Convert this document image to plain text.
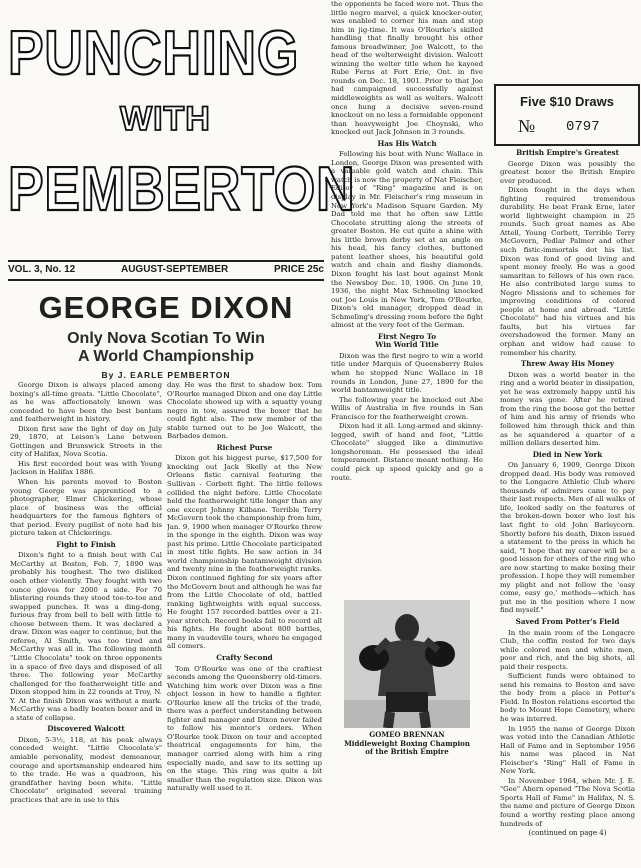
PUNCHING
WITH
PEMBERTON
VOL. 3, No. 12	AUGUST-SEPTEMBER	PRICE 25c
GEORGE DIXON
Only Nova Scotian To Win
A World Championship
By J. EARLE PEMBERTON

George Dixon is always placed among boxing's all-time greats. "Little Chocolate", as he was affectionately known was conceded to have been the best bantam and featherweight in history.

Dixon first saw the light of day on July 29, 1870, at Leison's Lane between Gottingen and Brunswick Streets in the city of Halifax, Nova Scotia.

His first recorded bout was with Young Jackson in Halifax 1886.

When his parents moved to Boston young George was apprenticed to a photographer, Elmer Chickering, whose place of business was the official headquarters for the famous fighters of that period. Every pugilist of note had his picture taken at Chickerings.

Fight to Finish

Dixon's fight to a finish bout with Cal McCarthy at Boston, Feb. 7, 1890 was probably his toughest. The two disliked each other violently. They fought with two ounce gloves for 2000 a side. For 70 blistering rounds they stood toe-to-toe and swapped punches. It was a ding-dong, furious fray from bell to bell with little to choose between them. It was declared a draw. Dixon was eager to continue, but the referee, Al Smith, was too tired and McCarthy was all in. The following month "Little Chocolate" took on three opponents in a space of five days and disposed of all three. The following year McCarthy challenged for the featherweight title and Dixon stopped him in 22 rounds at Troy, N. Y. At the finish Dixon was without a mark. McCarthy was a badly beaten boxer and in a state of collapse.

Discovered Walcott

Dixon, 5-3½, 118, at his peak always conceded weight. "Little Chocolate's" amiable personality, modest demeanour, courage and sportsmanship endeared him to the trade. He was a quadroon, his grandfather having been white. "Little Chocolate" originated several training practices that are in use to this

day. He was the first to shadow box. Tom O'Rourke managed Dixon and one day Little Chocolate showed up with a squatty young negro in tow, assured the boxer that he could fight also. The new member of the stable turned out to be Joe Walcott, the Barbados demon.

Richest Purse

Dixon got his biggest purse, $17,500 for knocking out Jack Skelly at the New Orleans fistic carnival featuring the Sullivan - Corbett fight. The little fellows collided the night before. Little Chocolate held the featherweight title longer than any one except Johnny Kilbane. Terrible Terry McGovern took the championship from him, Jan. 9, 1900 when manager O'Rourke threw in the sponge in the eighth. Dixon was way past his prime. Little Chocolate participated in most title fights. He saw action in 34 world championship bantamweight division and twenty nine in the featherweight ranks. Dixon continued fighting for six years after the McGovern bout and although he was far from the Little Chocolate of old, battled ranking lightweights with equal success. He fought 157 recorded battles over a 21-year stretch. Record books fail to record all his fights. He fought about 800 battles, many in vaudeville tours, where he engaged all comers.

Crafty Second

Tom O'Rourke was one of the craftiest seconds among the Queensberry old-timers. Watching him work over Dixon was a fine object lesson in how to handle a fighter. O'Rourke knew all the tricks of the trade, there was a perfect understanding between fighter and manager and Dixon never failed to follow his mentor's orders. When O'Rourke took Dixon on tour and accepted theatrical engagements for him, the manager carried along with him a ring especially made, and saw to its setting up on the stage. This ring was quite a bit smaller than the regulation size. Dixon was naturally well used to it.

the opponents he faced were not. Thus the little negro marvel, a quick knocker-outer, was enabled to corner his man and stop him in jig-time. It was O'Rourke's skilled handling that finally brought his other famous breadwinner, Joe Walcott, to the head of the welterweight division. Walcott winning the welter title when he kayoed Rube Ferns at Fort Erie, Ont. in five rounds on Dec. 18, 1901. Prior to that Joe had campaigned successfully against middleweights as well as welters. Walcott once hung a decisive seven-round knockout on no less a formidable opponent than heavyweight Joe Choynski, who knocked out Jack Johnson in 3 rounds.

Has His Watch

Following his bout with Nunc Wallace in London, George Dixon was presented with a valuable gold watch and chain. This watch is now the property of Nat Fleischer, Editor of "Ring" magazine and is on display in Mr. Fleischer's ring museum in New York's Madison Square Garden. My Dad told me that he often saw Little Chocolate strutting along the streets of greater Boston. He cut quite a shine with his little brown derby set at an angle on his head, his fancy clothes, buttoned patent leather shoes, his beautiful gold watch and chain and flashy diamonds. Dixon fought his last bout against Monk the Newsboy Dec. 10, 1906. On June 19, 1936, the night Max Schmeling knocked out Joe Louis in New York, Tom O'Rourke, Dixon's old manager, dropped dead in Schmeling's dressing room before the fight almost at the very feet of the German.

First Negro To
Win World Title

Dixon was the first negro to win a world title under Marquis of Queensberry Rules when he stopped Nunc Wallace in 18 rounds in London, June 27, 1890 for the world bantamweight title.

The following year he knocked out Abe Willis of Australia in five rounds in San Francisco for the featherweight crown.

Dixon had it all. Long-armed and skinny-legged, swift of hand and foot, "Little Chocolate" slugged like a diminutive longshoreman. He possessed the ideal temperament. Distance meant nothing. He could pick up speed quickly and go a route.

GOMEO BRENNAN
Middleweight Boxing Champion
of the British Empire
Five $10 Draws
№ 0797
British Empire's Greatest

George Dixon was possibly the greatest boxer the British Empire ever produced.

Dixon fought in the days when fighting required tremendous durability. He beat Frank Erne, later world lightweight champion in 25 rounds. Such great names as Abe Attell, Young Corbett, Terrible Terry McGovern, Pedlar Palmer and other such fistic-immortals dot his list. Dixon was fond of good living and spent money freely. He was a good samaritan to fellows of his own race. He also contributed large sums to Negro Missions and to schemes for improving conditions of colored people at home and abroad. "Little Chocolate" had his virtues and his faults, but his virtues far overshadowed the former. Many an orphan and widow had cause to remember his charity.

Threw Away His Money

Dixon was a world beater in the ring and a world beater in dissipation, yet he was extremely happy until his money was gone. After he retired from the ring the boose got the better of him and his army of friends who followed him through thick and thin as he squandered a quarter of a million dollars deserted him.

Died in New York

On January 6, 1909, George Dixon dropped dead. His body was removed to the Longacre Athletic Club where thousands of admirers came to pay their last respects. Men of all walks of life, looked sadly on the features of the broken-down boxer who lost his last fight to old John Barleycorn. Shortly before his death, Dixon issued a statement to the press in which he said, "I hope that my career will be a good lesson for others of the ring who are now starting to make boxing their profession. I hope they will remember my plight and not follow the 'easy come, easy go,' methods—which has put me in the position where I now find myself."

Saved From Potter's Field

In the main room of the Longacre Club, the coffin rested for two days while colored men and white men, poor and rich, and the big shots, all paid their respects.

Sufficient funds were obtained to send his remains to Boston and save the body from a place in Potter's Field. In Boston relations escorted the body to Mount Hope Cemetery, where he was interred.

In 1955 the name of George Dixon was voted into the Canadian Athletic Hall of Fame and in September 1956 his name was placed in Nat Fleischer's "Ring" Hall of Fame in New York.

In November 1964, when Mr. J. E. "Gee" Ahern opened "The Nova Scotia Sports Hall of Fame" in Halifax, N. S. the name and picture of George Dixon found a worthy resting place among hundreds of

(continued on page 4)
